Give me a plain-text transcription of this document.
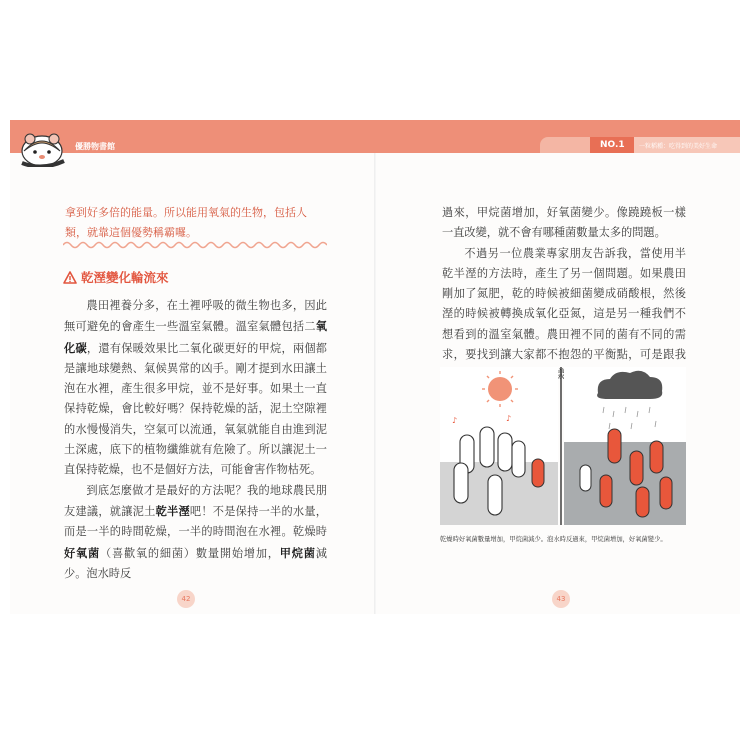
優勝物書館	NO.1 一粒稻種：吃得到的美好生命
拿到好多倍的能量。所以能用氧氣的生物，包括人類，就靠這個優勢稱霸囉。
乾溼變化輪流來

農田裡養分多，在土裡呼吸的微生物也多，因此無可避免的會產生一些溫室氣體。溫室氣體包括二氧化碳，還有保暖效果比二氧化碳更好的甲烷，兩個都是讓地球變熱、氣候異常的凶手。剛才提到水田讓土泡在水裡，產生很多甲烷，並不是好事。如果土一直保持乾燥，會比較好嗎？保持乾燥的話，泥土空隙裡的水慢慢消失，空氣可以流通，氧氣就能自由進到泥土深處，底下的植物纖維就有危險了。所以讓泥土一直保持乾燥，也不是個好方法，可能會害作物枯死。

到底怎麼做才是最好的方法呢？我的地球農民朋友建議，就讓泥土乾半溼吧！不是保持一半的水量，而是一半的時間乾燥，一半的時間泡在水裡。乾燥時好氧菌（喜歡氧的細菌）數量開始增加，甲烷菌減少。泡水時反

42

過來，甲烷菌增加，好氧菌變少。像蹺蹺板一樣一直改變，就不會有哪種菌數量太多的問題。

不過另一位農業專家朋友告訴我，當使用半乾半溼的方法時，產生了另一個問題。如果農田剛加了氮肥，乾的時候被細菌變成硝酸根，然後溼的時候被轉換成氧化亞氮，這是另一種我們不想看到的溫室氣體。農田裡不同的菌有不同的需求，要找到讓大家都不抱怨的平衡點，可是跟我 治問題一樣困難呢。

♪	♪
乾燥時好氧菌數量增加，甲烷菌減少。泡水時反過來，甲烷菌增加，好氧菌變少。
43
